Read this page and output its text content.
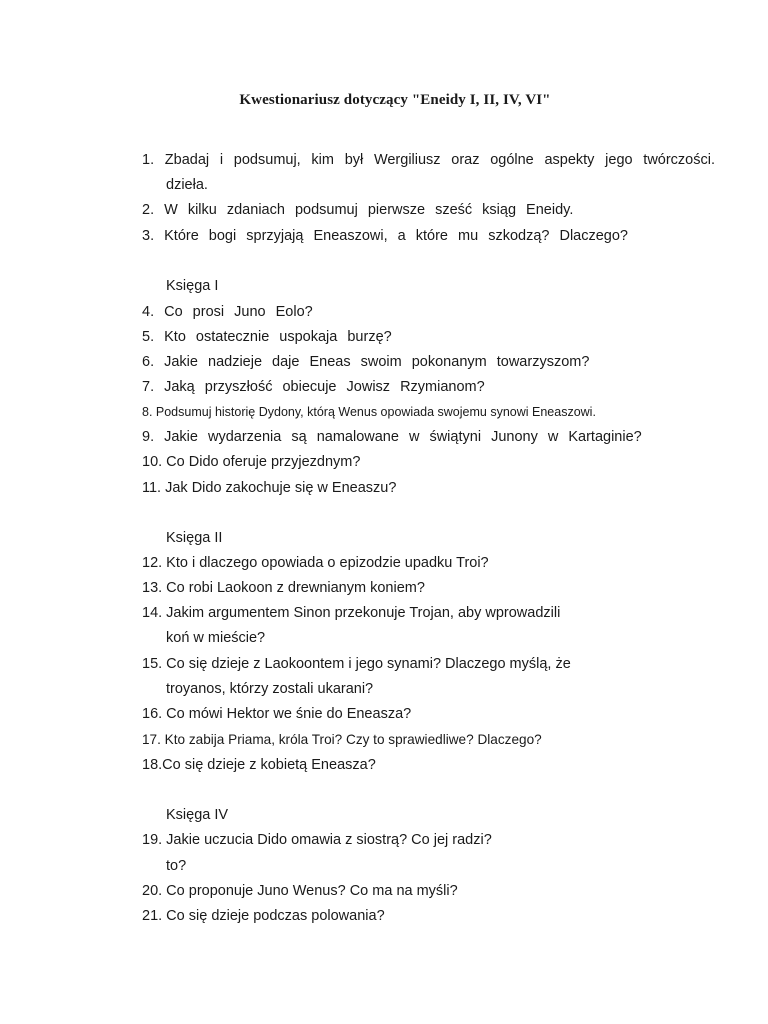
Kwestionariusz dotyczący "Eneidy I, II, IV, VI"

1. Zbadaj i podsumuj, kim był Wergiliusz oraz ogólne aspekty jego twórczości.

dzieła.

2. W kilku zdaniach podsumuj pierwsze sześć ksiąg Eneidy.

3. Które bogi sprzyjają Eneaszowi, a które mu szkodzą? Dlaczego?

Księga I

4. Co prosi Juno Eolo?

5. Kto ostatecznie uspokaja burzę?

6. Jakie nadzieje daje Eneas swoim pokonanym towarzyszom?

7. Jaką przyszłość obiecuje Jowisz Rzymianom?

8. Podsumuj historię Dydony, którą Wenus opowiada swojemu synowi Eneaszowi.

9. Jakie wydarzenia są namalowane w świątyni Junony w Kartaginie?

10. Co Dido oferuje przyjezdnym?

11. Jak Dido zakochuje się w Eneaszu?

Księga II

12. Kto i dlaczego opowiada o epizodzie upadku Troi?

13. Co robi Laokoon z drewnianym koniem?

14. Jakim argumentem Sinon przekonuje Trojan, aby wprowadzili

koń w mieście?

15. Co się dzieje z Laokoontem i jego synami? Dlaczego myślą, że

troyanos, którzy zostali ukarani?

16. Co mówi Hektor we śnie do Eneasza?

17. Kto zabija Priama, króla Troi? Czy to sprawiedliwe? Dlaczego?

18.Co się dzieje z kobietą Eneasza?

Księga IV

19. Jakie uczucia Dido omawia z siostrą? Co jej radzi?

to?

20. Co proponuje Juno Wenus? Co ma na myśli?

21. Co się dzieje podczas polowania?
